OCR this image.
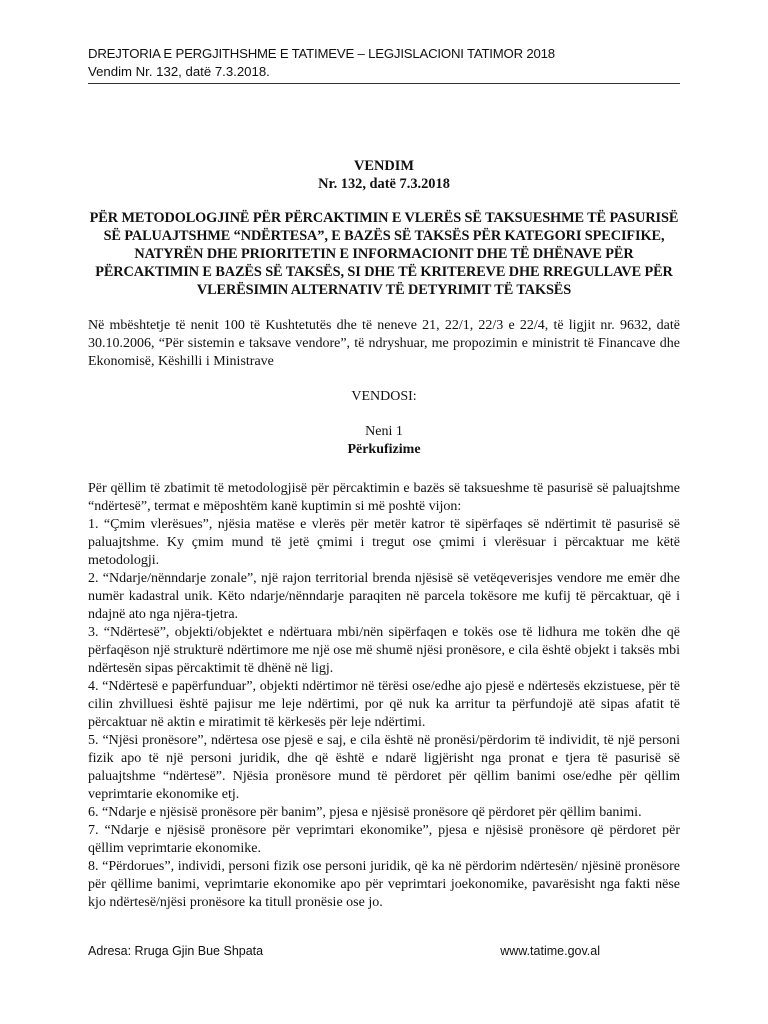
DREJTORIA E PERGJITHSHME E TATIMEVE – LEGJISLACIONI TATIMOR 2018
Vendim Nr. 132, datë 7.3.2018.
VENDIM
Nr. 132, datë 7.3.2018
PËR METODOLOGJINË PËR PËRCAKTIMIN E VLERËS SË TAKSUESHME TË PASURISË SË PALUAJTSHME “NDËRTESA”, E BAZËS SË TAKSËS PËR KATEGORI SPECIFIKE, NATYRËN DHE PRIORITETIN E INFORMACIONIT DHE TË DHËNAVE PËR PËRCAKTIMIN E BAZËS SË TAKSËS, SI DHE TË KRITEREVE DHE RREGULLAVE PËR VLERËSIMIN ALTERNATIV TË DETYRIMIT TË TAKSËS

Në mbështetje të nenit 100 të Kushtetutës dhe të neneve 21, 22/1, 22/3 e 22/4, të ligjit nr. 9632, datë 30.10.2006, “Për sistemin e taksave vendore”, të ndryshuar, me propozimin e ministrit të Financave dhe Ekonomisë, Këshilli i Ministrave

VENDOSI:
Neni 1
Përkufizime

Për qëllim të zbatimit të metodologjisë për përcaktimin e bazës së taksueshme të pasurisë së paluajtshme “ndërtesë”, termat e mëposhtëm kanë kuptimin si më poshtë vijon:

1. “Çmim vlerësues”, njësia matëse e vlerës për metër katror të sipërfaqes së ndërtimit të pasurisë së paluajtshme. Ky çmim mund të jetë çmimi i tregut ose çmimi i vlerësuar i përcaktuar me këtë metodologji.
2. “Ndarje/nënndarje zonale”, një rajon territorial brenda njësisë së vetëqeverisjes vendore me emër dhe numër kadastral unik. Këto ndarje/nënndarje paraqiten në parcela tokësore me kufij të përcaktuar, që i ndajnë ato nga njëra-tjetra.
3. “Ndërtesë”, objekti/objektet e ndërtuara mbi/nën sipërfaqen e tokës ose të lidhura me tokën dhe që përfaqëson një strukturë ndërtimore me një ose më shumë njësi pronësore, e cila është objekt i taksës mbi ndërtesën sipas përcaktimit të dhënë në ligj.
4. “Ndërtesë e papërfunduar”, objekti ndërtimor në tërësi ose/edhe ajo pjesë e ndërtesës ekzistuese, për të cilin zhvilluesi është pajisur me leje ndërtimi, por që nuk ka arritur ta përfundojë atë sipas afatit të përcaktuar në aktin e miratimit të kërkesës për leje ndërtimi.
5. “Njësi pronësore”, ndërtesa ose pjesë e saj, e cila është në pronësi/përdorim të individit, të një personi fizik apo të një personi juridik, dhe që është e ndarë ligjërisht nga pronat e tjera të pasurisë së paluajtshme “ndërtesë”. Njësia pronësore mund të përdoret për qëllim banimi ose/edhe për qëllim veprimtarie ekonomike etj.
6. “Ndarje e njësisë pronësore për banim”, pjesa e njësisë pronësore që përdoret për qëllim banimi.
7. “Ndarje e njësisë pronësore për veprimtari ekonomike”, pjesa e njësisë pronësore që përdoret për qëllim veprimtarie ekonomike.
8. “Përdorues”, individi, personi fizik ose personi juridik, që ka në përdorim ndërtesën/ njësinë pronësore për qëllime banimi, veprimtarie ekonomike apo për veprimtari joekonomike, pavarësisht nga fakti nëse kjo ndërtesë/njësi pronësore ka titull pronësie ose jo.
Adresa: Rruga Gjin Bue Shpata	www.tatime.gov.al
